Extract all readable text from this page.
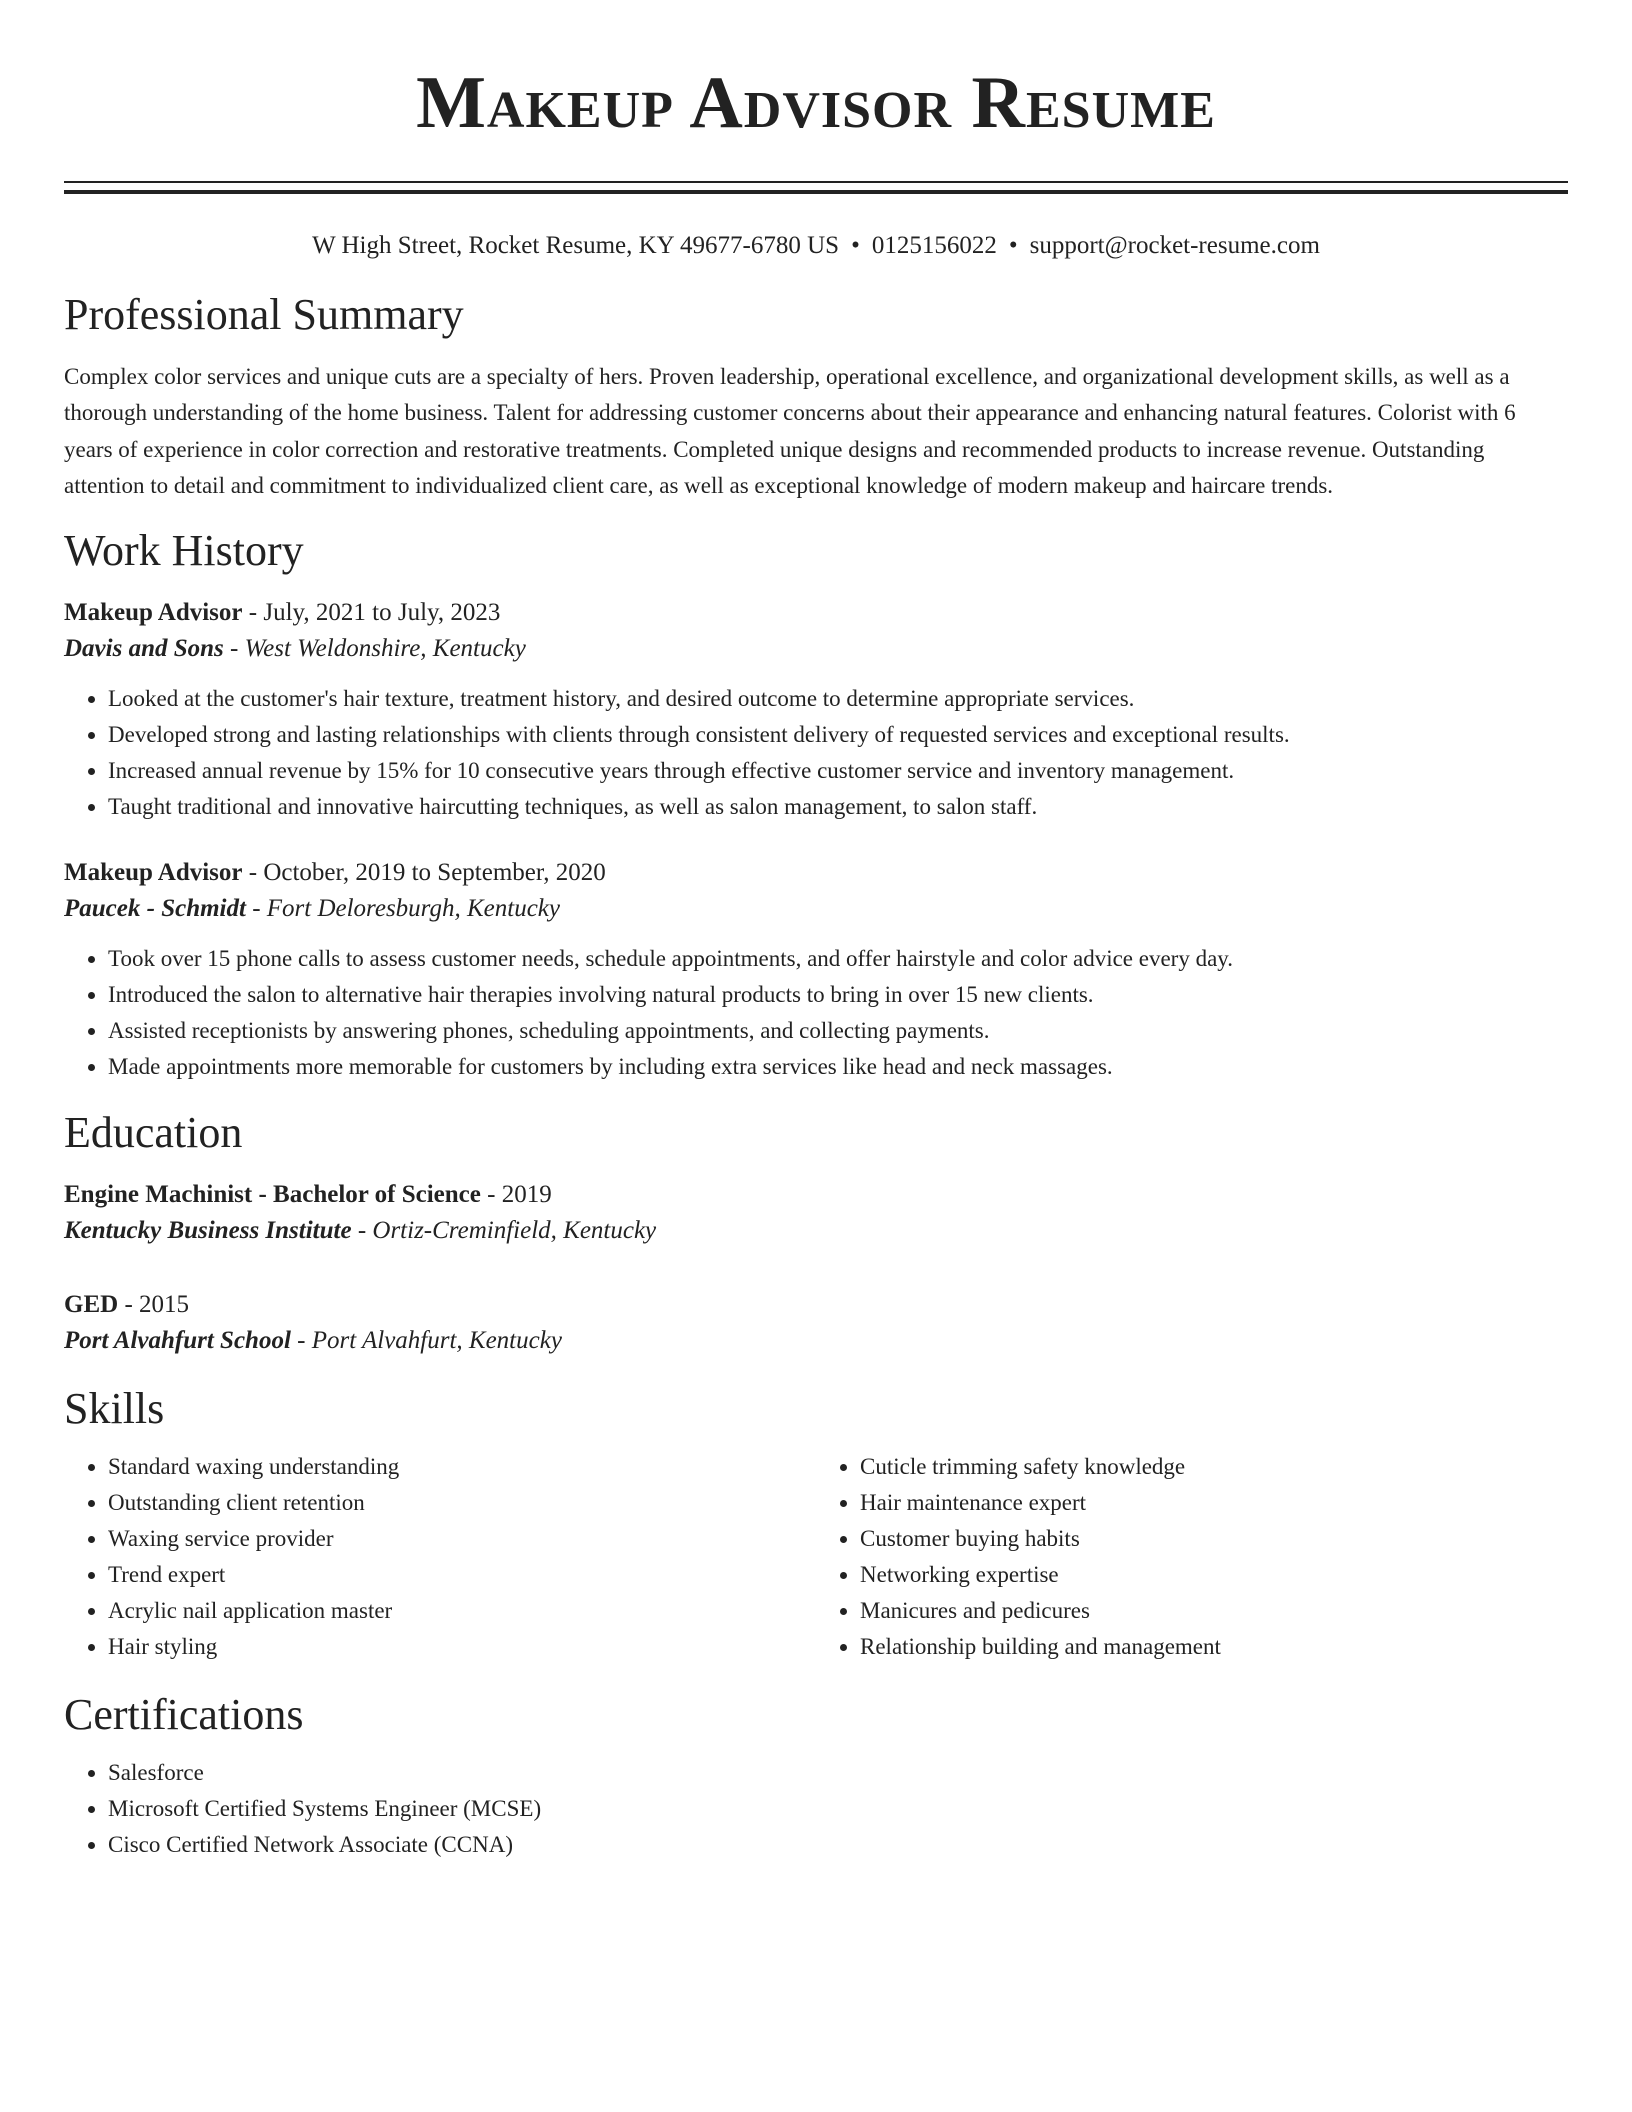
Makeup Advisor Resume
W High Street, Rocket Resume, KY 49677-6780 US • 0125156022 • support@rocket-resume.com
Professional Summary

Complex color services and unique cuts are a specialty of hers. Proven leadership, operational excellence, and organizational development skills, as well as a thorough understanding of the home business. Talent for addressing customer concerns about their appearance and enhancing natural features. Colorist with 6 years of experience in color correction and restorative treatments. Completed unique designs and recommended products to increase revenue. Outstanding attention to detail and commitment to individualized client care, as well as exceptional knowledge of modern makeup and haircare trends.

Work History
Makeup Advisor - July, 2021 to July, 2023
Davis and Sons - West Weldonshire, Kentucky
• Looked at the customer's hair texture, treatment history, and desired outcome to determine appropriate services.
• Developed strong and lasting relationships with clients through consistent delivery of requested services and exceptional results.
• Increased annual revenue by 15% for 10 consecutive years through effective customer service and inventory management.
• Taught traditional and innovative haircutting techniques, as well as salon management, to salon staff.
Makeup Advisor - October, 2019 to September, 2020
Paucek - Schmidt - Fort Deloresburgh, Kentucky
• Took over 15 phone calls to assess customer needs, schedule appointments, and offer hairstyle and color advice every day.
• Introduced the salon to alternative hair therapies involving natural products to bring in over 15 new clients.
• Assisted receptionists by answering phones, scheduling appointments, and collecting payments.
• Made appointments more memorable for customers by including extra services like head and neck massages.
Education
Engine Machinist - Bachelor of Science - 2019
Kentucky Business Institute - Ortiz-Creminfield, Kentucky
GED - 2015
Port Alvahfurt School - Port Alvahfurt, Kentucky
Skills
• Standard waxing understanding
• Outstanding client retention
• Waxing service provider
• Trend expert
• Acrylic nail application master
• Hair styling
• Cuticle trimming safety knowledge
• Hair maintenance expert
• Customer buying habits
• Networking expertise
• Manicures and pedicures
• Relationship building and management
Certifications
• Salesforce
• Microsoft Certified Systems Engineer (MCSE)
• Cisco Certified Network Associate (CCNA)
